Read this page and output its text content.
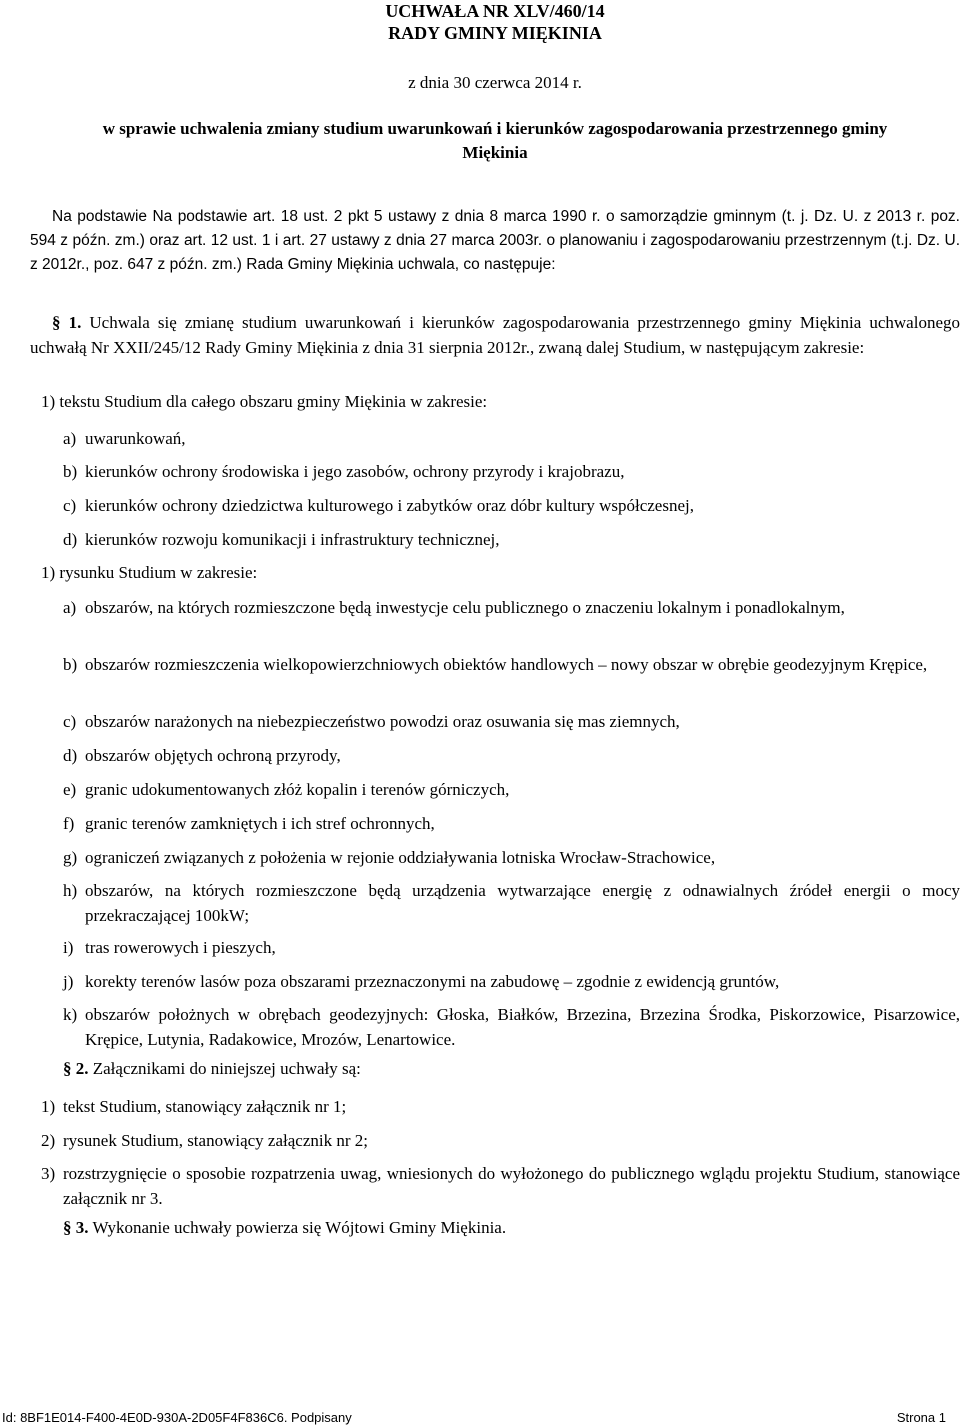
UCHWAŁA NR XLV/460/14
RADY GMINY MIĘKINIA
z dnia 30 czerwca 2014 r.
w sprawie uchwalenia zmiany studium uwarunkowań i kierunków zagospodarowania przestrzennego gminy
Miękinia
Na podstawie Na podstawie art. 18 ust. 2 pkt 5 ustawy z dnia 8 marca 1990 r. o samorządzie gminnym (t. j. Dz. U. z 2013 r. poz. 594 z późn. zm.) oraz art. 12 ust. 1 i art. 27 ustawy z dnia 27 marca 2003r. o planowaniu i zagospodarowaniu przestrzennym (t.j. Dz. U. z 2012r., poz. 647 z późn. zm.) Rada Gminy Miękinia uchwala, co następuje:
§ 1. Uchwala się zmianę studium uwarunkowań i kierunków zagospodarowania przestrzennego gminy Miękinia uchwalonego uchwałą Nr XXII/245/12 Rady Gminy Miękinia z dnia 31 sierpnia 2012r., zwaną dalej Studium, w następującym zakresie:
1) tekstu Studium dla całego obszaru gminy Miękinia w zakresie:
a) uwarunkowań,
b) kierunków ochrony środowiska i jego zasobów, ochrony przyrody i krajobrazu,
c) kierunków ochrony dziedzictwa kulturowego i zabytków oraz dóbr kultury współczesnej,
d) kierunków rozwoju komunikacji i infrastruktury technicznej,
1) rysunku Studium w zakresie:
a) obszarów, na których rozmieszczone będą inwestycje celu publicznego o znaczeniu lokalnym i ponadlokalnym,
b) obszarów rozmieszczenia wielkopowierzchniowych obiektów handlowych – nowy obszar w obrębie geodezyjnym Krępice,
c) obszarów narażonych na niebezpieczeństwo powodzi oraz osuwania się mas ziemnych,
d) obszarów objętych ochroną przyrody,
e) granic udokumentowanych złóż kopalin i terenów górniczych,
f) granic terenów zamkniętych i ich stref ochronnych,
g) ograniczeń związanych z położenia w rejonie oddziaływania lotniska Wrocław-Strachowice,
h) obszarów, na których rozmieszczone będą urządzenia wytwarzające energię z odnawialnych źródeł energii o mocy przekraczającej 100kW;
i) tras rowerowych i pieszych,
j) korekty terenów lasów poza obszarami przeznaczonymi na zabudowę – zgodnie z ewidencją gruntów,
k) obszarów położnych w obrębach geodezyjnych: Głoska, Białków, Brzezina, Brzezina Środka, Piskorzowice, Pisarzowice, Krępice, Lutynia, Radakowice, Mrozów, Lenartowice.
§ 2. Załącznikami do niniejszej uchwały są:
1) tekst Studium, stanowiący załącznik nr 1;
2) rysunek Studium, stanowiący załącznik nr 2;
3) rozstrzygnięcie o sposobie rozpatrzenia uwag, wniesionych do wyłożonego do publicznego wglądu projektu Studium, stanowiące załącznik nr 3.
§ 3. Wykonanie uchwały powierza się Wójtowi Gminy Miękinia.
Id: 8BF1E014-F400-4E0D-930A-2D05F4F836C6. Podpisany	Strona 1
